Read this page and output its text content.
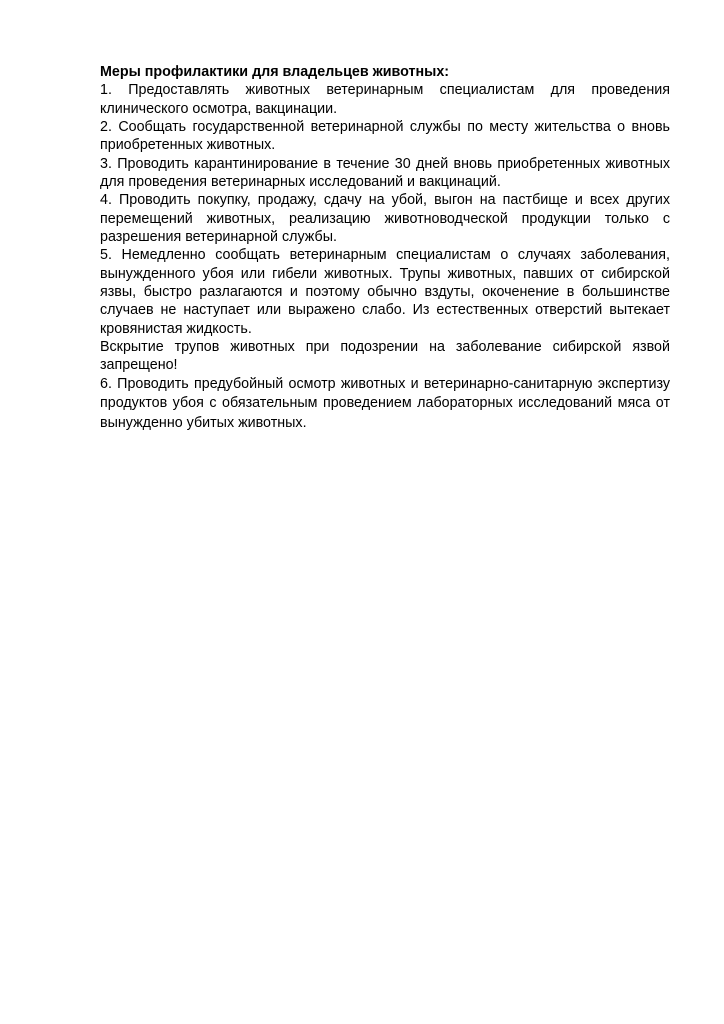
Меры профилактики для владельцев животных:

1. Предоставлять животных ветеринарным специалистам для проведения клинического осмотра, вакцинации.

2. Сообщать государственной ветеринарной службы по месту жительства о вновь приобретенных животных.

3. Проводить карантинирование в течение 30 дней вновь приобретенных животных для проведения ветеринарных исследований и вакцинаций.

4. Проводить покупку, продажу, сдачу на убой, выгон на пастбище и всех других перемещений животных, реализацию животноводческой продукции только с разрешения ветеринарной службы.

5. Немедленно сообщать ветеринарным специалистам о случаях заболевания, вынужденного убоя или гибели животных. Трупы животных, павших от сибирской язвы, быстро разлагаются и поэтому обычно вздуты, окоченение в большинстве случаев не наступает или выражено слабо. Из естественных отверстий вытекает кровянистая жидкость.

Вскрытие трупов животных при подозрении на заболевание сибирской язвой запрещено!

6. Проводить предубойный осмотр животных и ветеринарно-санитарную экспертизу продуктов убоя с обязательным проведением лабораторных исследований мяса от вынужденно убитых животных.
